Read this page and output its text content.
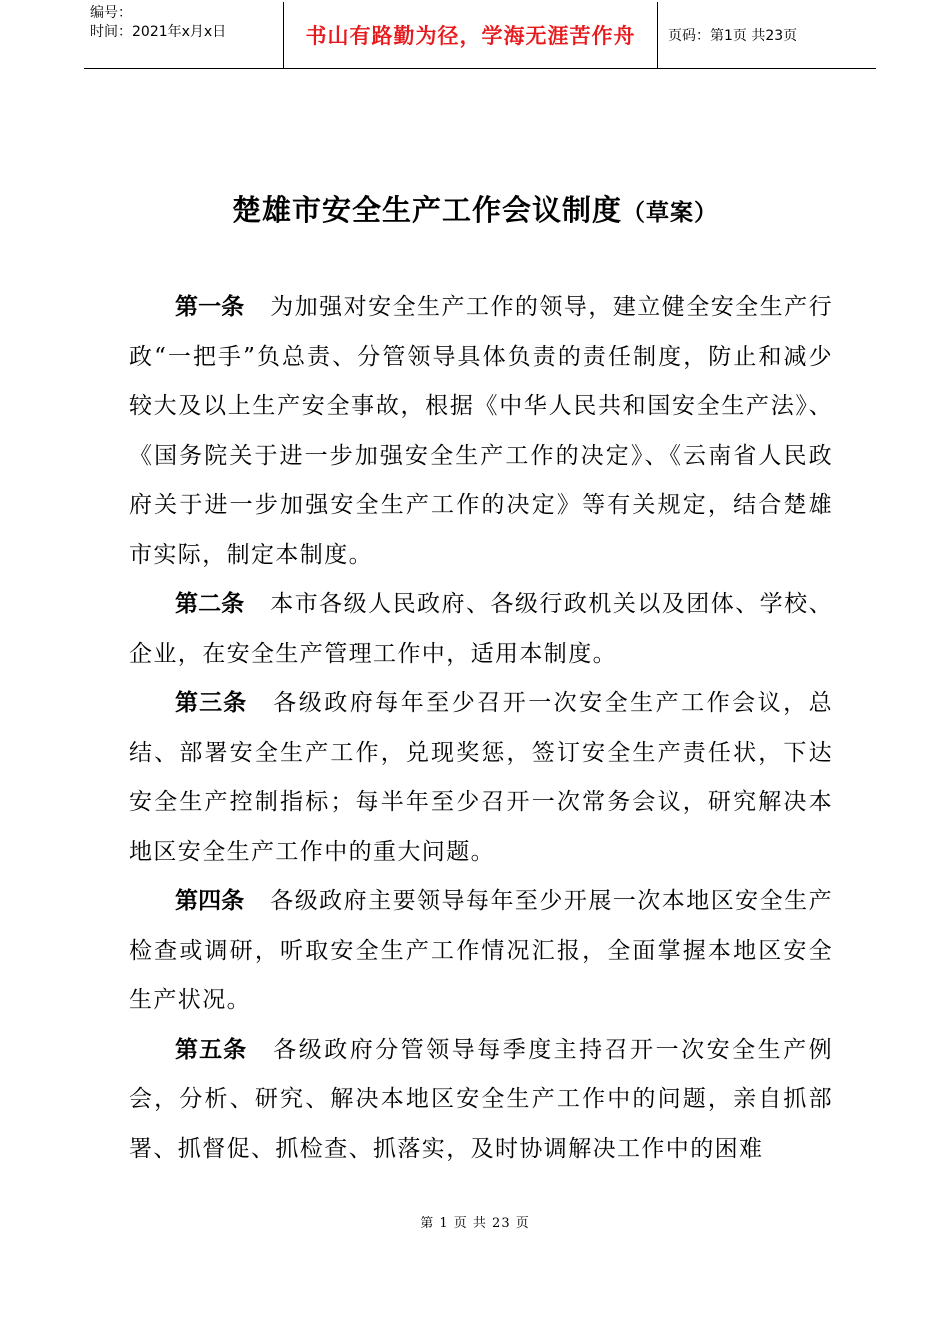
编号：
时间：2021年x月x日	书山有路勤为径，学海无涯苦作舟	页码：第1页 共23页
楚雄市安全生产工作会议制度（草案）

第一条 为加强对安全生产工作的领导，建立健全安全生产行政“一把手”负总责、分管领导具体负责的责任制度，防止和减少较大及以上生产安全事故，根据《中华人民共和国安全生产法》、《国务院关于进一步加强安全生产工作的决定》、《云南省人民政府关于进一步加强安全生产工作的决定》等有关规定，结合楚雄市实际，制定本制度。

第二条 本市各级人民政府、各级行政机关以及团体、学校、企业，在安全生产管理工作中，适用本制度。

第三条 各级政府每年至少召开一次安全生产工作会议，总结、部署安全生产工作，兑现奖惩，签订安全生产责任状，下达安全生产控制指标；每半年至少召开一次常务会议，研究解决本地区安全生产工作中的重大问题。

第四条 各级政府主要领导每年至少开展一次本地区安全生产检查或调研，听取安全生产工作情况汇报，全面掌握本地区安全生产状况。

第五条 各级政府分管领导每季度主持召开一次安全生产例会，分析、研究、解决本地区安全生产工作中的问题，亲自抓部署、抓督促、抓检查、抓落实，及时协调解决工作中的困难

第 1 页 共 23 页
